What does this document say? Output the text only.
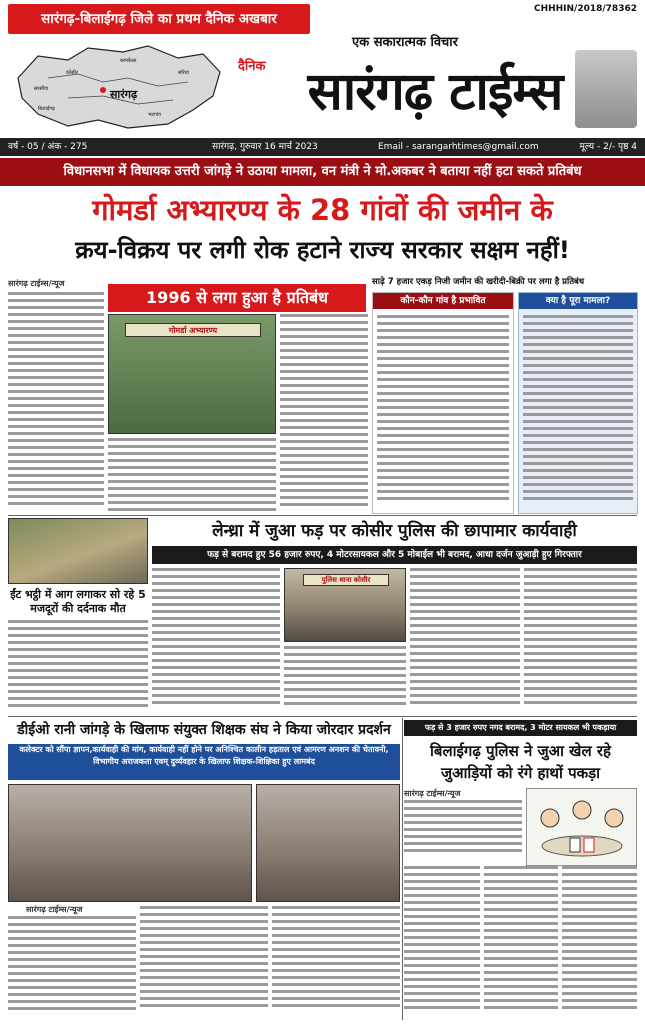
सारंगढ़-बिलाईगढ़ जिले का प्रथम दैनिक अखबार
CHHHIN/2018/78362
सारंगढ़
बरमकेला
कोसीर
सरसींवा
बिलाईगढ़
भटगांव
सरिया
एक सकारात्मक विचार
सारंगढ़ टाईम्स
दैनिक
वर्ष - 05 / अंक - 275	सारंगढ़, गुरुवार 16 मार्च 2023	Email - sarangarhtimes@gmail.com	मूल्य - 2/- पृष्ठ 4
विधानसभा में विधायक उत्तरी जांगड़े ने उठाया मामला, वन मंत्री ने मो.अकबर ने बताया नहीं हटा सकते प्रतिबंध
गोमर्डा अभ्यारण्य के 28 गांवों की जमीन के
क्रय-विक्रय पर लगी रोक हटाने राज्य सरकार सक्षम नहीं!
सारंगढ़ टाईम्स/न्यूज
1996 से लगा हुआ है प्रतिबंध
साढ़े 7 हजार एकड़ निजी जमीन की खरीदी-बिक्री पर लगा है प्रतिबंध
गोमर्डा अभ्यारण्य
कौन-कौन गांव है प्रभावित	क्या है पूरा मामला?
लेन्ध्रा में जुआ फड़ पर कोसीर पुलिस की छापामार कार्यवाही
फड़ से बरामद हुए 56 हजार रुपए, 4 मोटरसायकल और 5 मोबाईल भी बरामद, आधा दर्जन जुआड़ी हुए गिरफ्तार
ईंट भट्ठी में आग लगाकर सो रहे 5 मजदूरों की दर्दनाक मौत
पुलिस थाना कोसीर
डीईओ रानी जांगड़े के खिलाफ संयुक्त शिक्षक संघ ने किया जोरदार प्रदर्शन	फड़ से 3 हजार रुपए नगद बरामद, 3 मोटर सायकल भी पकड़ाया
कलेक्टर को सौंपा ज्ञापन,कार्यवाही की मांग, कार्यवाही नहीं होने पर अनिश्चित कालीन हड़ताल एवं आमरण अनशन की चेतावनी, विभागीय अराजकता एवम् दुर्व्यवहार के खिलाफ शिक्षक-शिक्षिका हुए लामबंद
सारंगढ़ टाईम्स/न्यूज
बिलाईगढ़ पुलिस ने जुआ खेल रहे जुआड़ियों को रंगे हाथों पकड़ा
सारंगढ़ टाईम्स/न्यूज
